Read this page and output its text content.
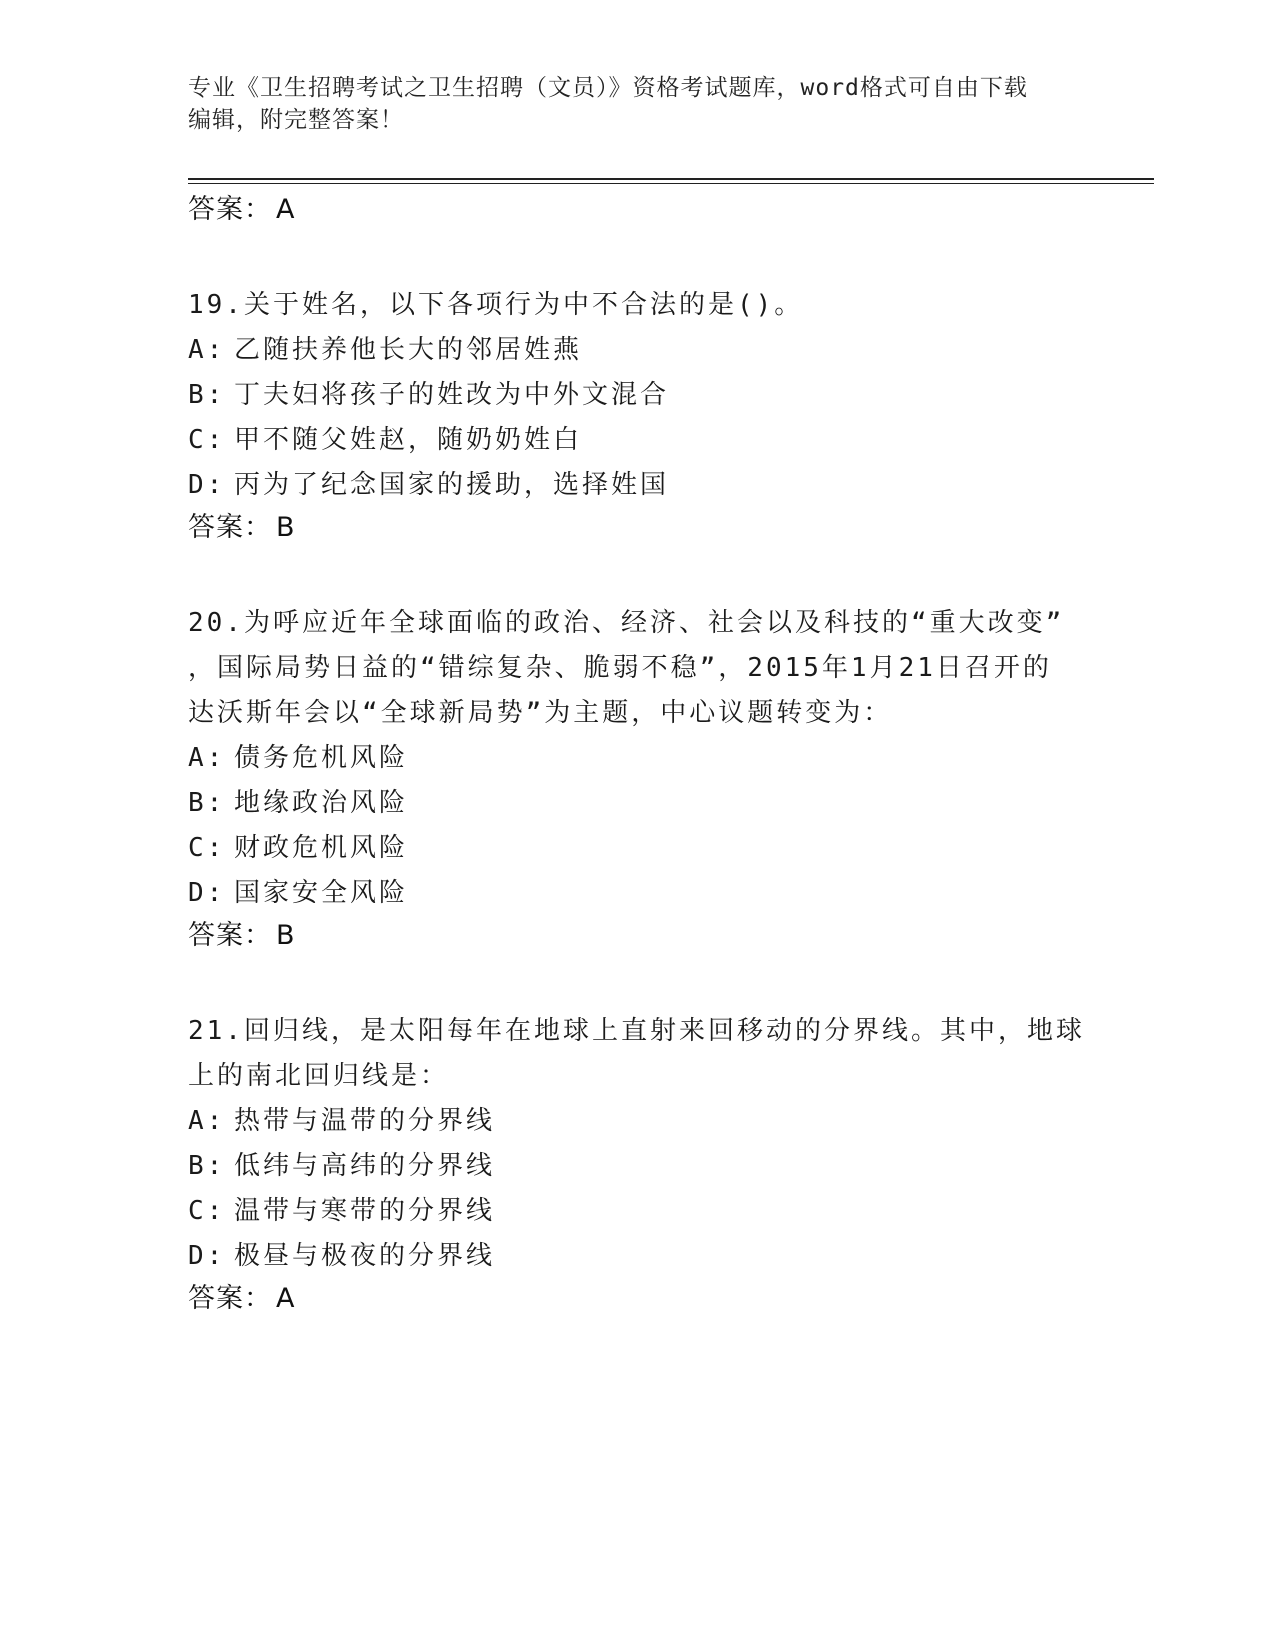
专业《卫生招聘考试之卫生招聘（文员）》资格考试题库，word格式可自由下载
编辑，附完整答案！
答案： A
19.关于姓名，以下各项行为中不合法的是()。
A: 乙随扶养他长大的邻居姓燕
B: 丁夫妇将孩子的姓改为中外文混合
C: 甲不随父姓赵，随奶奶姓白
D: 丙为了纪念国家的援助，选择姓国
答案： B
20.为呼应近年全球面临的政治、经济、社会以及科技的“重大改变”
，国际局势日益的“错综复杂、脆弱不稳”，2015年1月21日召开的
达沃斯年会以“全球新局势”为主题，中心议题转变为：
A: 债务危机风险
B: 地缘政治风险
C: 财政危机风险
D: 国家安全风险
答案： B
21.回归线，是太阳每年在地球上直射来回移动的分界线。其中，地球
上的南北回归线是：
A: 热带与温带的分界线
B: 低纬与高纬的分界线
C: 温带与寒带的分界线
D: 极昼与极夜的分界线
答案： A
